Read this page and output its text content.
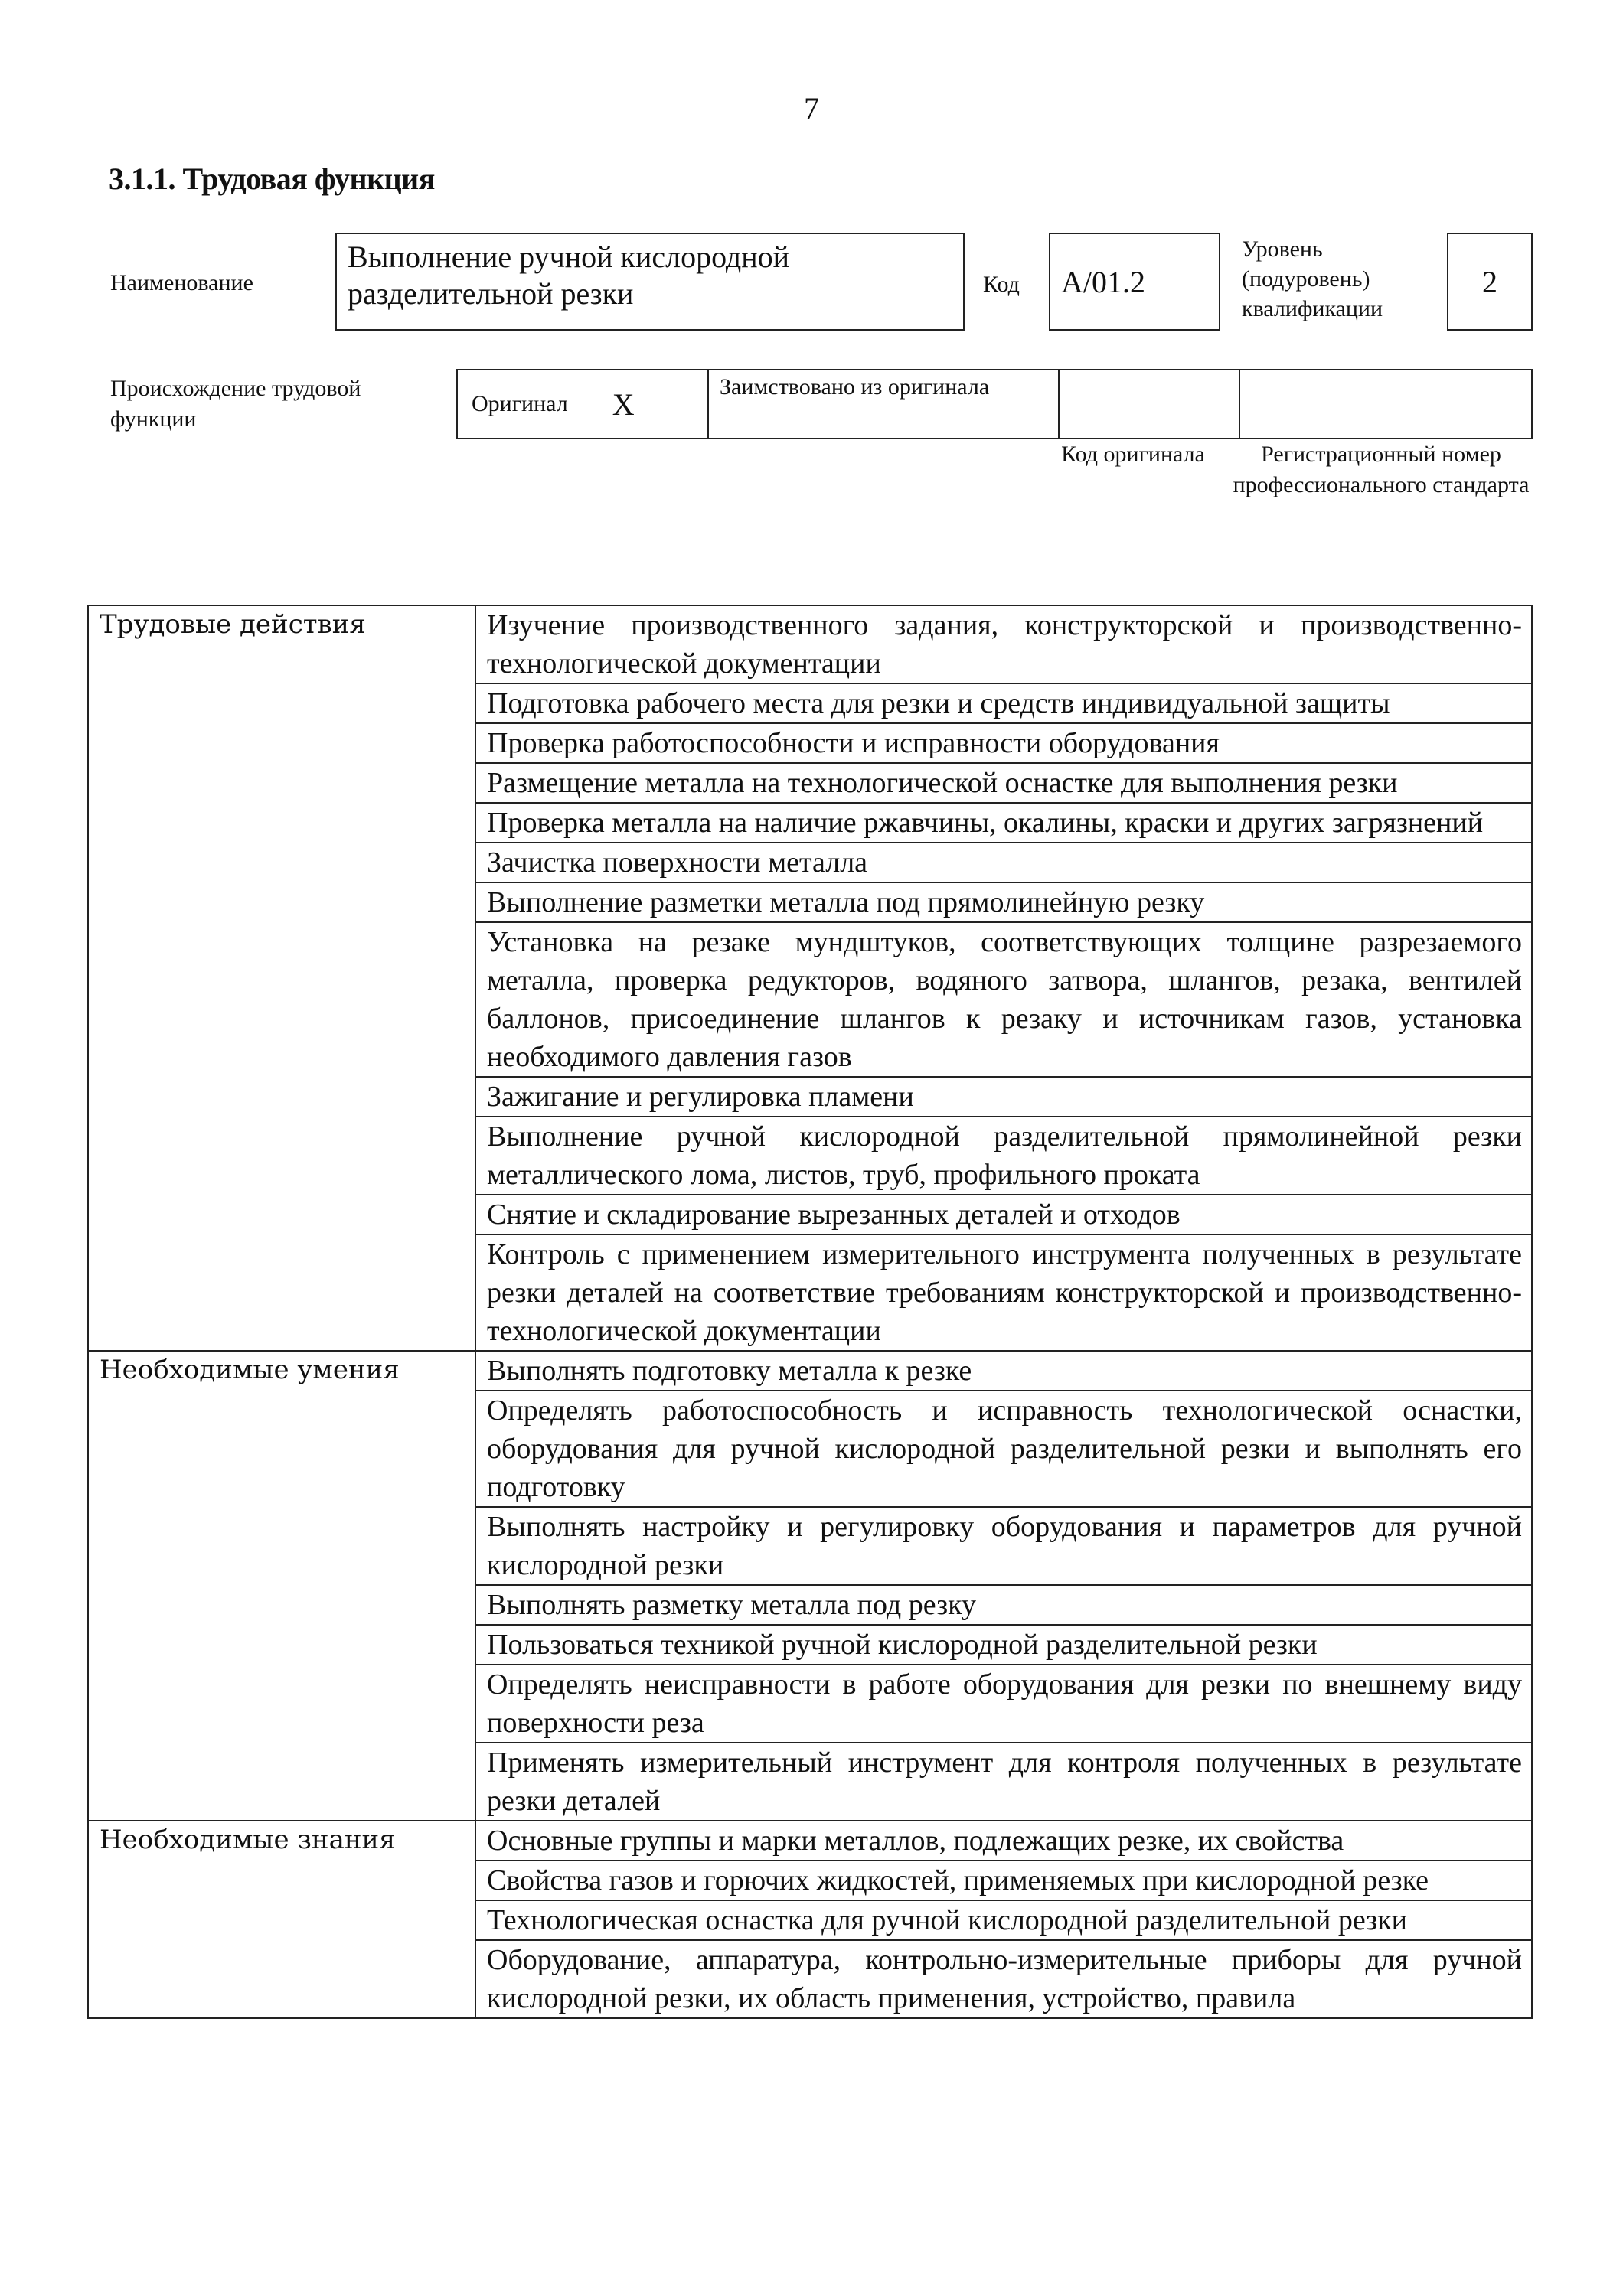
7
3.1.1. Трудовая функция
Наименование
Выполнение ручной кислородной разделительной резки	Код	A/01.2
Уровень (подуровень) квалификации
2
Происхождение трудовой функции
Оригинал X	Заимствовано из оригинала
Код оригинала	Регистрационный номер профессионального стандарта
Трудовые действия	Изучение производственного задания, конструкторской и производственно-технологической документации
	Подготовка рабочего места для резки и средств индивидуальной защиты
	Проверка работоспособности и исправности оборудования
	Размещение металла на технологической оснастке для выполнения резки
	Проверка металла на наличие ржавчины, окалины, краски и других загрязнений
	Зачистка поверхности металла
	Выполнение разметки металла под прямолинейную резку
	Установка на резаке мундштуков, соответствующих толщине разрезаемого металла, проверка редукторов, водяного затвора, шлангов, резака, вентилей баллонов, присоединение шлангов к резаку и источникам газов, установка необходимого давления газов
	Зажигание и регулировка пламени
	Выполнение ручной кислородной разделительной прямолинейной резки металлического лома, листов, труб, профильного проката
	Снятие и складирование вырезанных деталей и отходов
	Контроль с применением измерительного инструмента полученных в результате резки деталей на соответствие требованиям конструкторской и производственно-технологической документации
Необходимые умения	Выполнять подготовку металла к резке
	Определять работоспособность и исправность технологической оснастки, оборудования для ручной кислородной разделительной резки и выполнять его подготовку
	Выполнять настройку и регулировку оборудования и параметров для ручной кислородной резки
	Выполнять разметку металла под резку
	Пользоваться техникой ручной кислородной разделительной резки
	Определять неисправности в работе оборудования для резки по внешнему виду поверхности реза
	Применять измерительный инструмент для контроля полученных в результате резки деталей
Необходимые знания	Основные группы и марки металлов, подлежащих резке, их свойства
	Свойства газов и горючих жидкостей, применяемых при кислородной резке
	Технологическая оснастка для ручной кислородной разделительной резки
	Оборудование, аппаратура, контрольно-измерительные приборы для ручной кислородной резки, их область применения, устройство, правила
